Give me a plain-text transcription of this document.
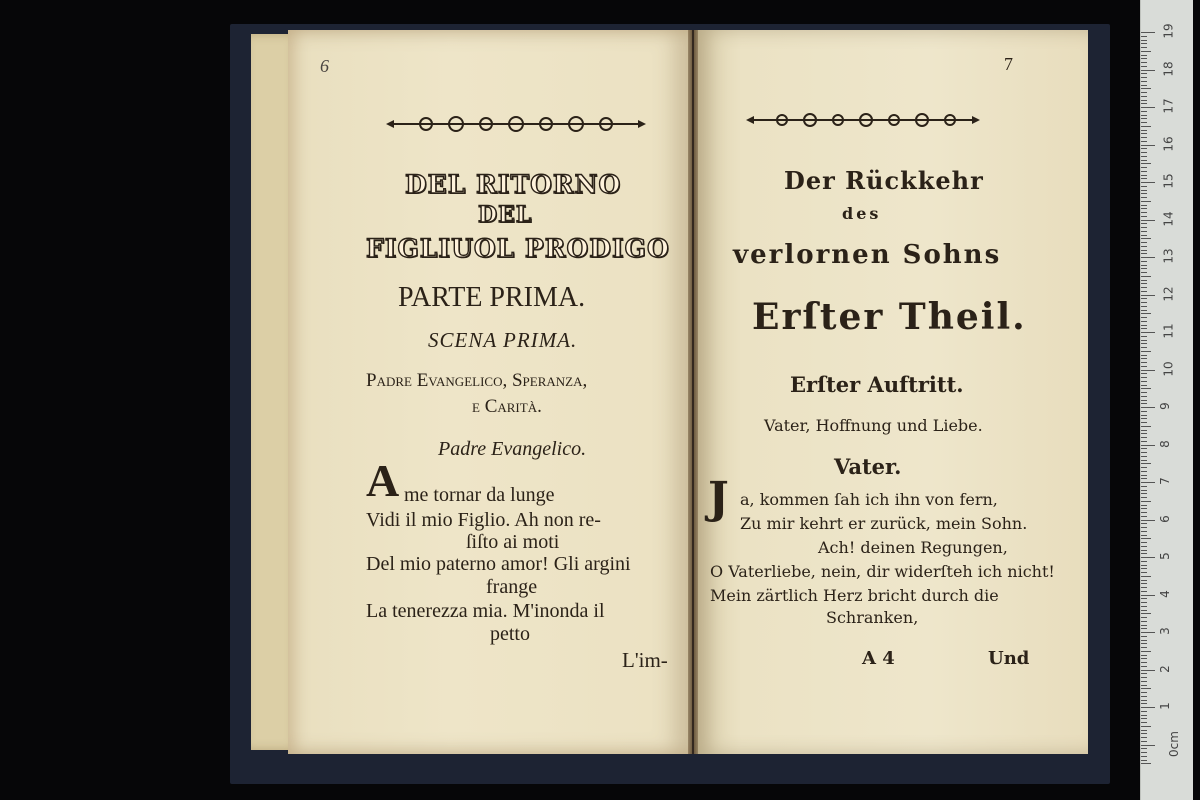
6
DEL RITORNO
DEL
FIGLIUOL PRODIGO
PARTE PRIMA.
SCENA PRIMA.
Padre Evangelico, Speranza,
e Carità.
Padre Evangelico.
A me tornar da lunge
Vidi il mio Figlio. Ah non re-
ſiſto ai moti
Del mio paterno amor! Gli argini
frange
La tenerezza mia. M'inonda il
petto
L'im-
7
Der Rückkehr
des
verlornen Sohns
Erſter Theil.
Erſter Auftritt.
Vater, Hoffnung und Liebe.
Vater.
J a, kommen ſah ich ihn von fern,
Zu mir kehrt er zurück, mein Sohn.
Ach! deinen Regungen,
O Vaterliebe, nein, dir widerſteh ich nicht!
Mein zärtlich Herz bricht durch die
Schranken,
A 4	Und
19
18
17
16
15
14
13
12
11
10
9
8
7
6
5
4
3
2
1
0cm
